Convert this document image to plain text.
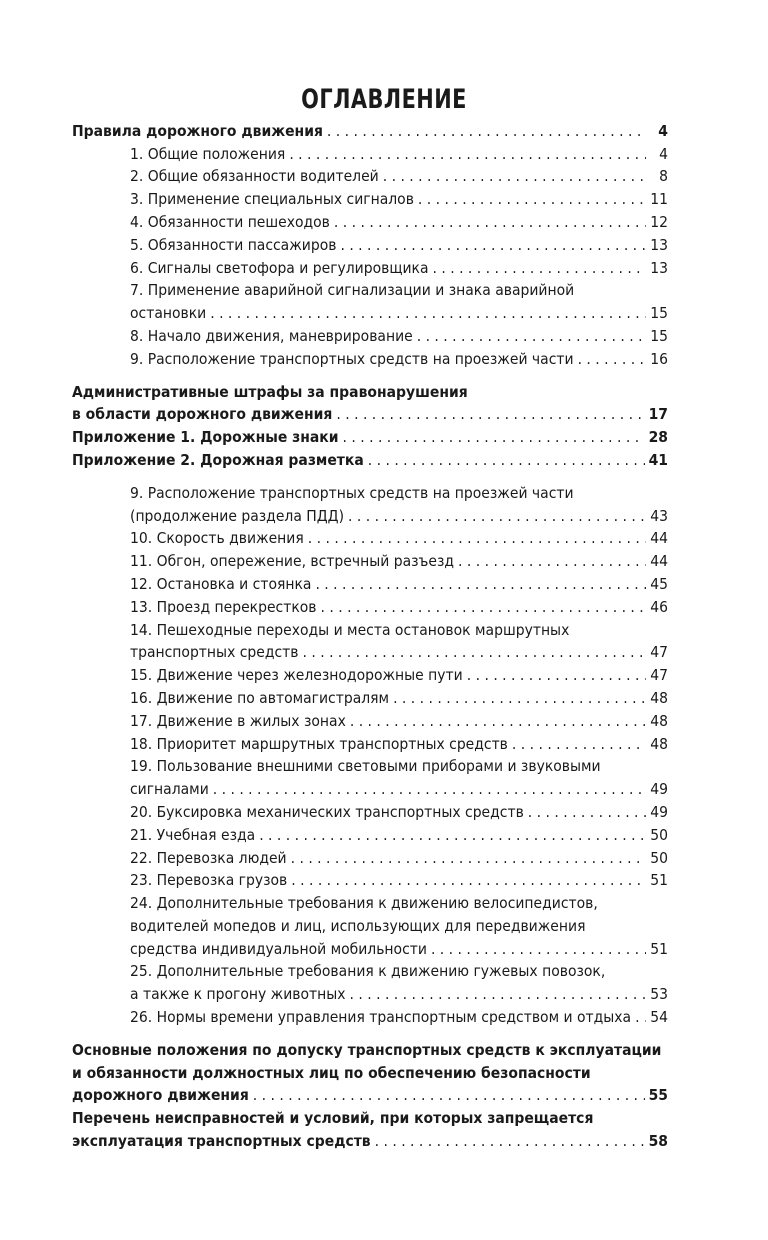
ОГЛАВЛЕНИЕ
Правила дорожного движения . . .	4
1. Общие положения . . .	4
2. Общие обязанности водителей . . .	8
3. Применение специальных сигналов . . .	11
4. Обязанности пешеходов . . .	12
5. Обязанности пассажиров . . .	13
6. Сигналы светофора и регулировщика . . .	13
7. Применение аварийной сигнализации и знака аварийной
остановки . . .	15
8. Начало движения, маневрирование . . .	15
9. Расположение транспортных средств на проезжей части . . .	16
Административные штрафы за правонарушения
в области дорожного движения . . .	17
Приложение 1. Дорожные знаки . . .	28
Приложение 2. Дорожная разметка . . .	41
9. Расположение транспортных средств на проезжей части
(продолжение раздела ПДД) . . .	43
10. Скорость движения . . .	44
11. Обгон, опережение, встречный разъезд . . .	44
12. Остановка и стоянка . . .	45
13. Проезд перекрестков . . .	46
14. Пешеходные переходы и места остановок маршрутных
транспортных средств . . .	47
15. Движение через железнодорожные пути . . .	47
16. Движение по автомагистралям . . .	48
17. Движение в жилых зонах . . .	48
18. Приоритет маршрутных транспортных средств . . .	48
19. Пользование внешними световыми приборами и звуковыми
сигналами . . .	49
20. Буксировка механических транспортных средств . . .	49
21. Учебная езда . . .	50
22. Перевозка людей . . .	50
23. Перевозка грузов . . .	51
24. Дополнительные требования к движению велосипедистов,
водителей мопедов и лиц, использующих для передвижения
средства индивидуальной мобильности . . .	51
25. Дополнительные требования к движению гужевых повозок,
а также к прогону животных . . .	53
26. Нормы времени управления транспортным средством и отдыха . . . 54
Основные положения по допуску транспортных средств к эксплуатации
и обязанности должностных лиц по обеспечению безопасности
дорожного движения . . .	55
Перечень неисправностей и условий, при которых запрещается
эксплуатация транспортных средств . . .	58
